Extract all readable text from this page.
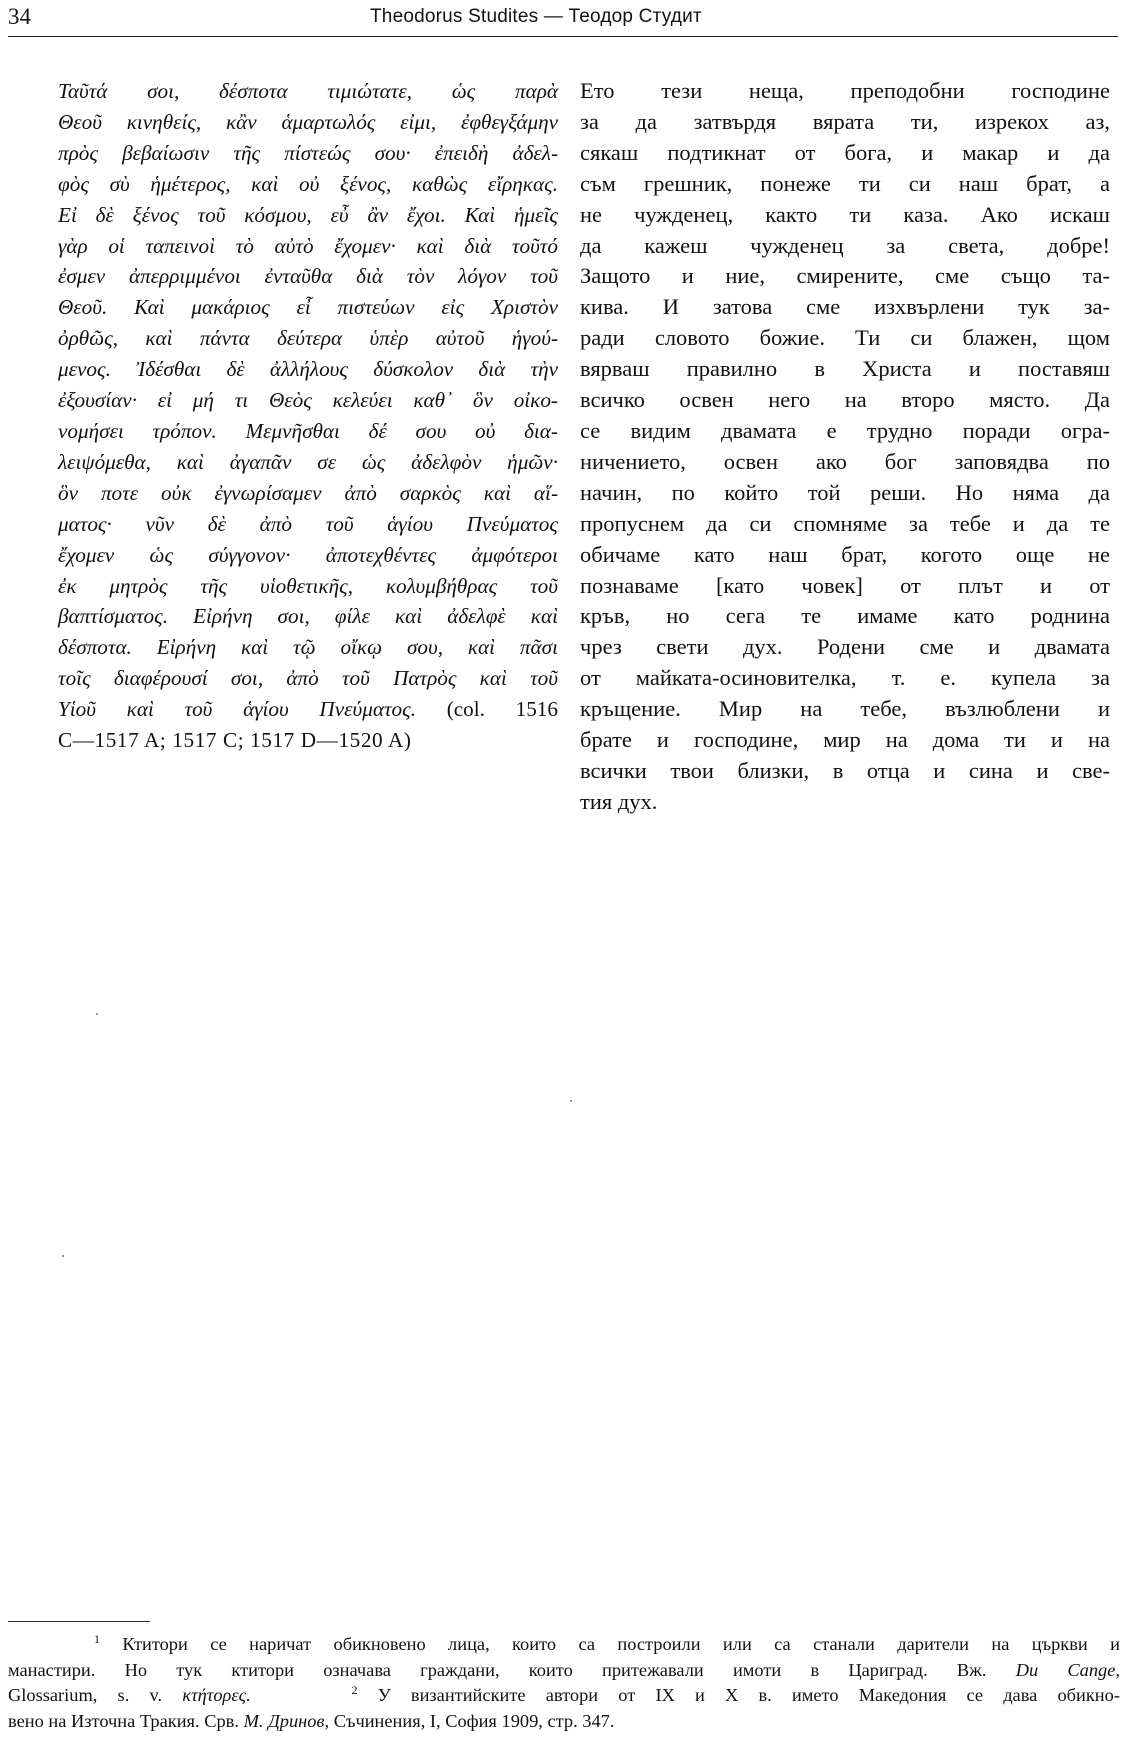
34	Theodorus Studites — Теодор Студит
Ταῦτά σοι, δέσποτα τιμιώτατε, ὡς παρὰ
Θεοῦ κινηθείς, κἂν ἁμαρτωλός εἰμι, ἐφθεγξάμην
πρὸς βεβαίωσιν τῆς πίστεώς σου· ἐπειδὴ ἀδελ-
φὸς σὺ ἡμέτερος, καὶ οὐ ξένος, καθὼς εἴρηκας.
Εἰ δὲ ξένος τοῦ κόσμου, εὖ ἂν ἔχοι. Καὶ ἡμεῖς
γὰρ οἱ ταπεινοὶ τὸ αὐτὸ ἔχομεν· καὶ διὰ τοῦτό
ἐσμεν ἀπερριμμένοι ἐνταῦθα διὰ τὸν λόγον τοῦ
Θεοῦ. Καὶ μακάριος εἶ πιστεύων εἰς Χριστὸν
ὀρθῶς, καὶ πάντα δεύτερα ὑπὲρ αὐτοῦ ἡγού-
μενος. Ἰδέσθαι δὲ ἀλλήλους δύσκολον διὰ τὴν
ἐξουσίαν· εἰ μή τι Θεὸς κελεύει καθ᾽ ὃν οἰκο-
νομήσει τρόπον. Μεμνῆσθαι δέ σου οὐ δια-
λειψόμεθα, καὶ ἀγαπᾶν σε ὡς ἀδελφὸν ἡμῶν·
ὃν ποτε οὐκ ἐγνωρίσαμεν ἀπὸ σαρκὸς καὶ αἵ-
ματος· νῦν δὲ ἀπὸ τοῦ ἁγίου Πνεύματος
ἔχομεν ὡς σύγγονον· ἀποτεχθέντες ἀμφότεροι
ἐκ μητρὸς τῆς υἱοθετικῆς, κολυμβήθρας τοῦ
βαπτίσματος. Εἰρήνη σοι, φίλε καὶ ἀδελφὲ καὶ
δέσποτα. Εἰρήνη καὶ τῷ οἴκῳ σου, καὶ πᾶσι
τοῖς διαφέρουσί σοι, ἀπὸ τοῦ Πατρὸς καὶ τοῦ
Υἱοῦ καὶ τοῦ ἁγίου Πνεύματος. (col. 1516
C—1517 A; 1517 C; 1517 D—1520 A)
Ето тези неща, преподобни господине
за да затвърдя вярата ти, изрекох аз,
сякаш подтикнат от бога, и макар и да
съм грешник, понеже ти си наш брат, а
не чужденец, както ти каза. Ако искаш
да кажеш чужденец за света, добре!
Защото и ние, смирените, сме също та-
кива. И затова сме изхвърлени тук за-
ради словото божие. Ти си блажен, щом
вярваш правилно в Христа и поставяш
всичко освен него на второ място. Да
се видим двамата е трудно поради огра-
ничението, освен ако бог заповядва по
начин, по който той реши. Но няма да
пропуснем да си спомняме за тебе и да те
обичаме като наш брат, когото още не
познаваме [като човек] от плът и от
кръв, но сега те имаме като роднина
чрез свети дух. Родени сме и двамата
от майката-осиновителка, т. е. купела за
кръщение. Мир на тебе, възлюблени и
брате и господине, мир на дома ти и на
всички твои близки, в отца и сина и све-
тия дух.
$^1$ Ктитори се наричат обикновено лица, които са построили или са станали дарители на църкви и
манастири. Но тук ктитори означава граждани, които притежавали имоти в Цариград. Вж. Du Cange,
Glossarium, s. v. κτήτορες.	$^2$ У византийските автори от IX и X в. името Македония се дава обикно-
вено на Източна Тракия. Срв. М. Дринов, Съчинения, I, София 1909, стр. 347.
